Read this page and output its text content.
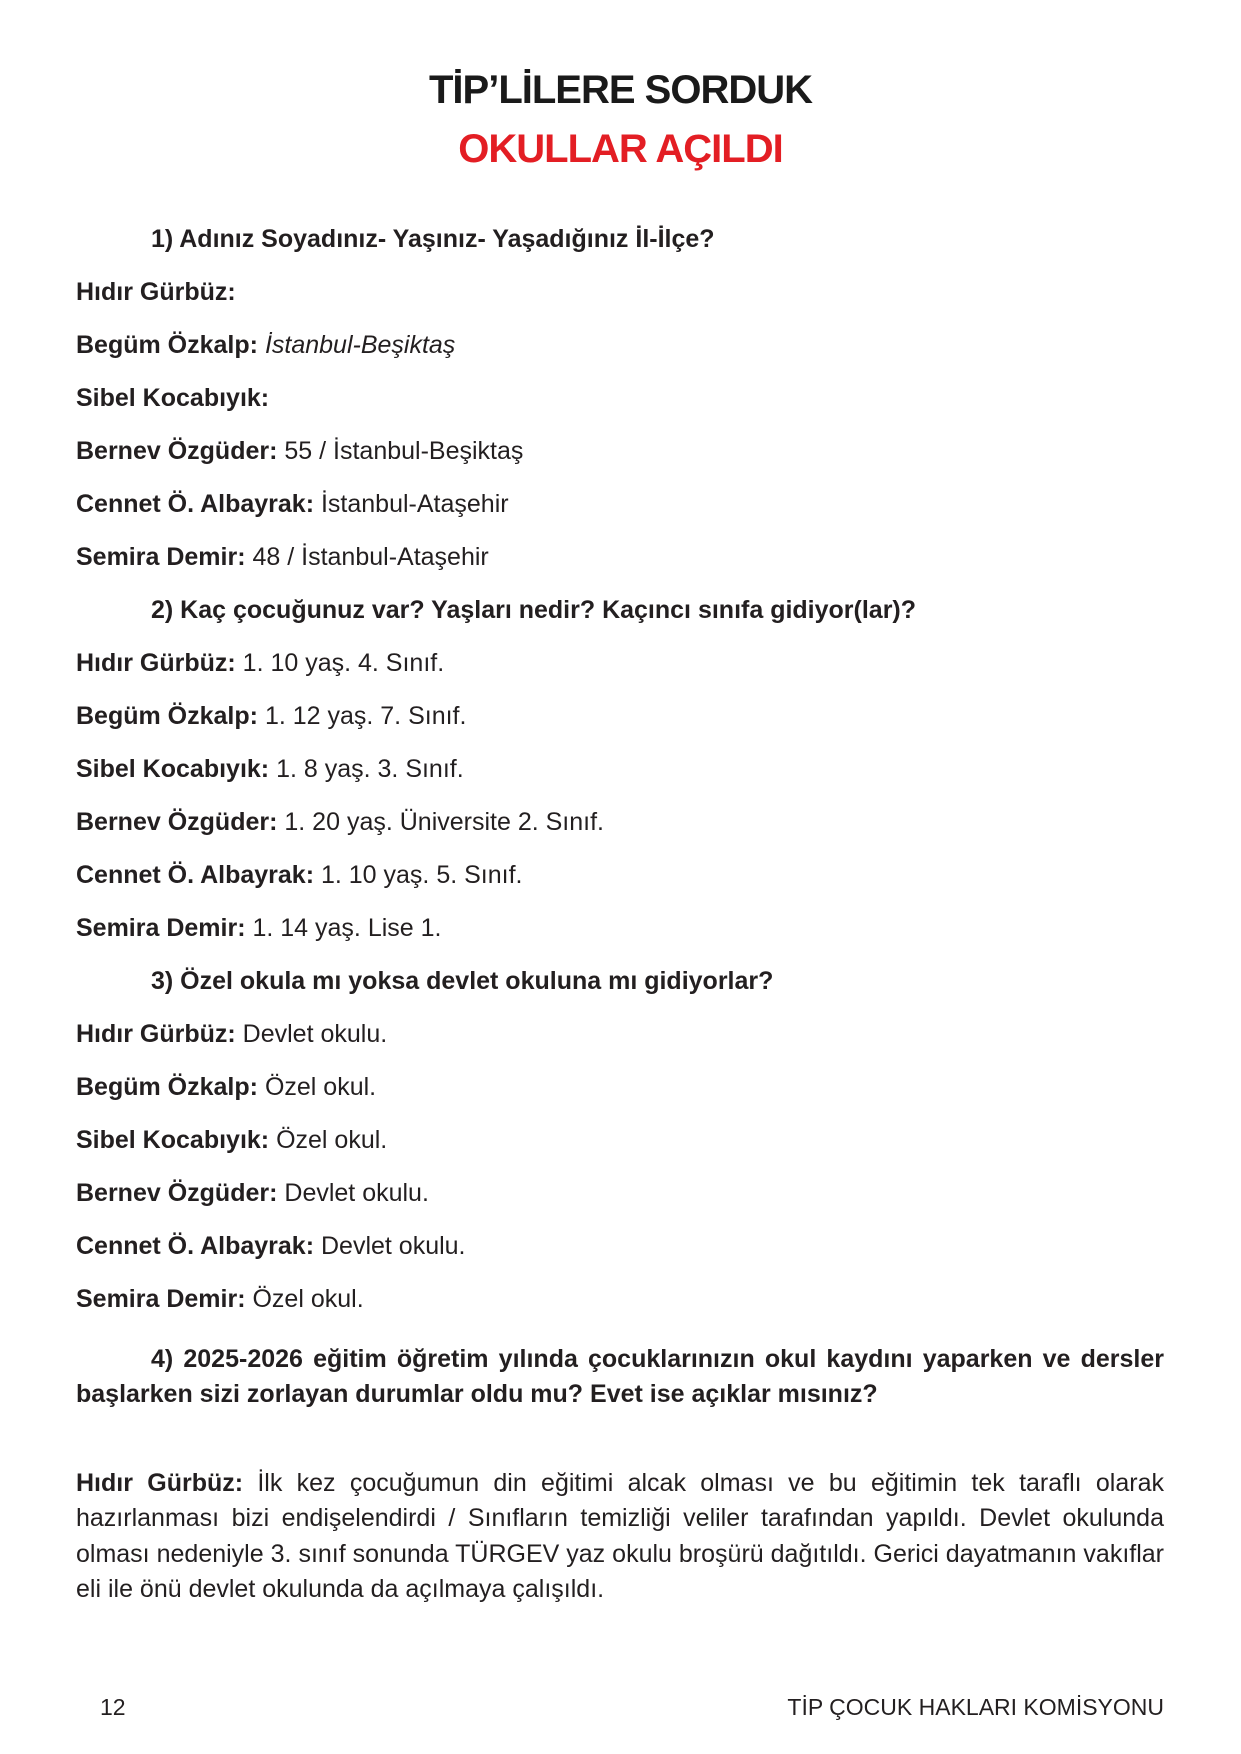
TİP’LİLERE SORDUK
OKULLAR AÇILDI
1) Adınız Soyadınız- Yaşınız- Yaşadığınız İl-İlçe?
Hıdır Gürbüz:
Begüm Özkalp: İstanbul-Beşiktaş
Sibel Kocabıyık:
Bernev Özgüder: 55 / İstanbul-Beşiktaş
Cennet Ö. Albayrak: İstanbul-Ataşehir
Semira Demir: 48 / İstanbul-Ataşehir
2) Kaç çocuğunuz var? Yaşları nedir? Kaçıncı sınıfa gidiyor(lar)?
Hıdır Gürbüz: 1. 10 yaş. 4. Sınıf.
Begüm Özkalp: 1. 12 yaş. 7. Sınıf.
Sibel Kocabıyık: 1. 8 yaş. 3. Sınıf.
Bernev Özgüder: 1. 20 yaş. Üniversite 2. Sınıf.
Cennet Ö. Albayrak: 1. 10 yaş. 5. Sınıf.
Semira Demir: 1. 14 yaş. Lise 1.
3) Özel okula mı yoksa devlet okuluna mı gidiyorlar?
Hıdır Gürbüz: Devlet okulu.
Begüm Özkalp: Özel okul.
Sibel Kocabıyık: Özel okul.
Bernev Özgüder: Devlet okulu.
Cennet Ö. Albayrak: Devlet okulu.
Semira Demir: Özel okul.
4) 2025-2026 eğitim öğretim yılında çocuklarınızın okul kaydını yaparken ve dersler başlarken sizi zorlayan durumlar oldu mu? Evet ise açıklar mısınız?
Hıdır Gürbüz: İlk kez çocuğumun din eğitimi alcak olması ve bu eğitimin tek taraflı olarak hazırlanması bizi endişelendirdi / Sınıfların temizliği veliler tarafından yapıldı. Devlet okulunda olması nedeniyle 3. sınıf sonunda TÜRGEV yaz okulu broşürü dağıtıldı. Gerici dayatmanın vakıflar eli ile önü devlet okulunda da açılmaya çalışıldı.
12	TİP ÇOCUK HAKLARI KOMİSYONU
